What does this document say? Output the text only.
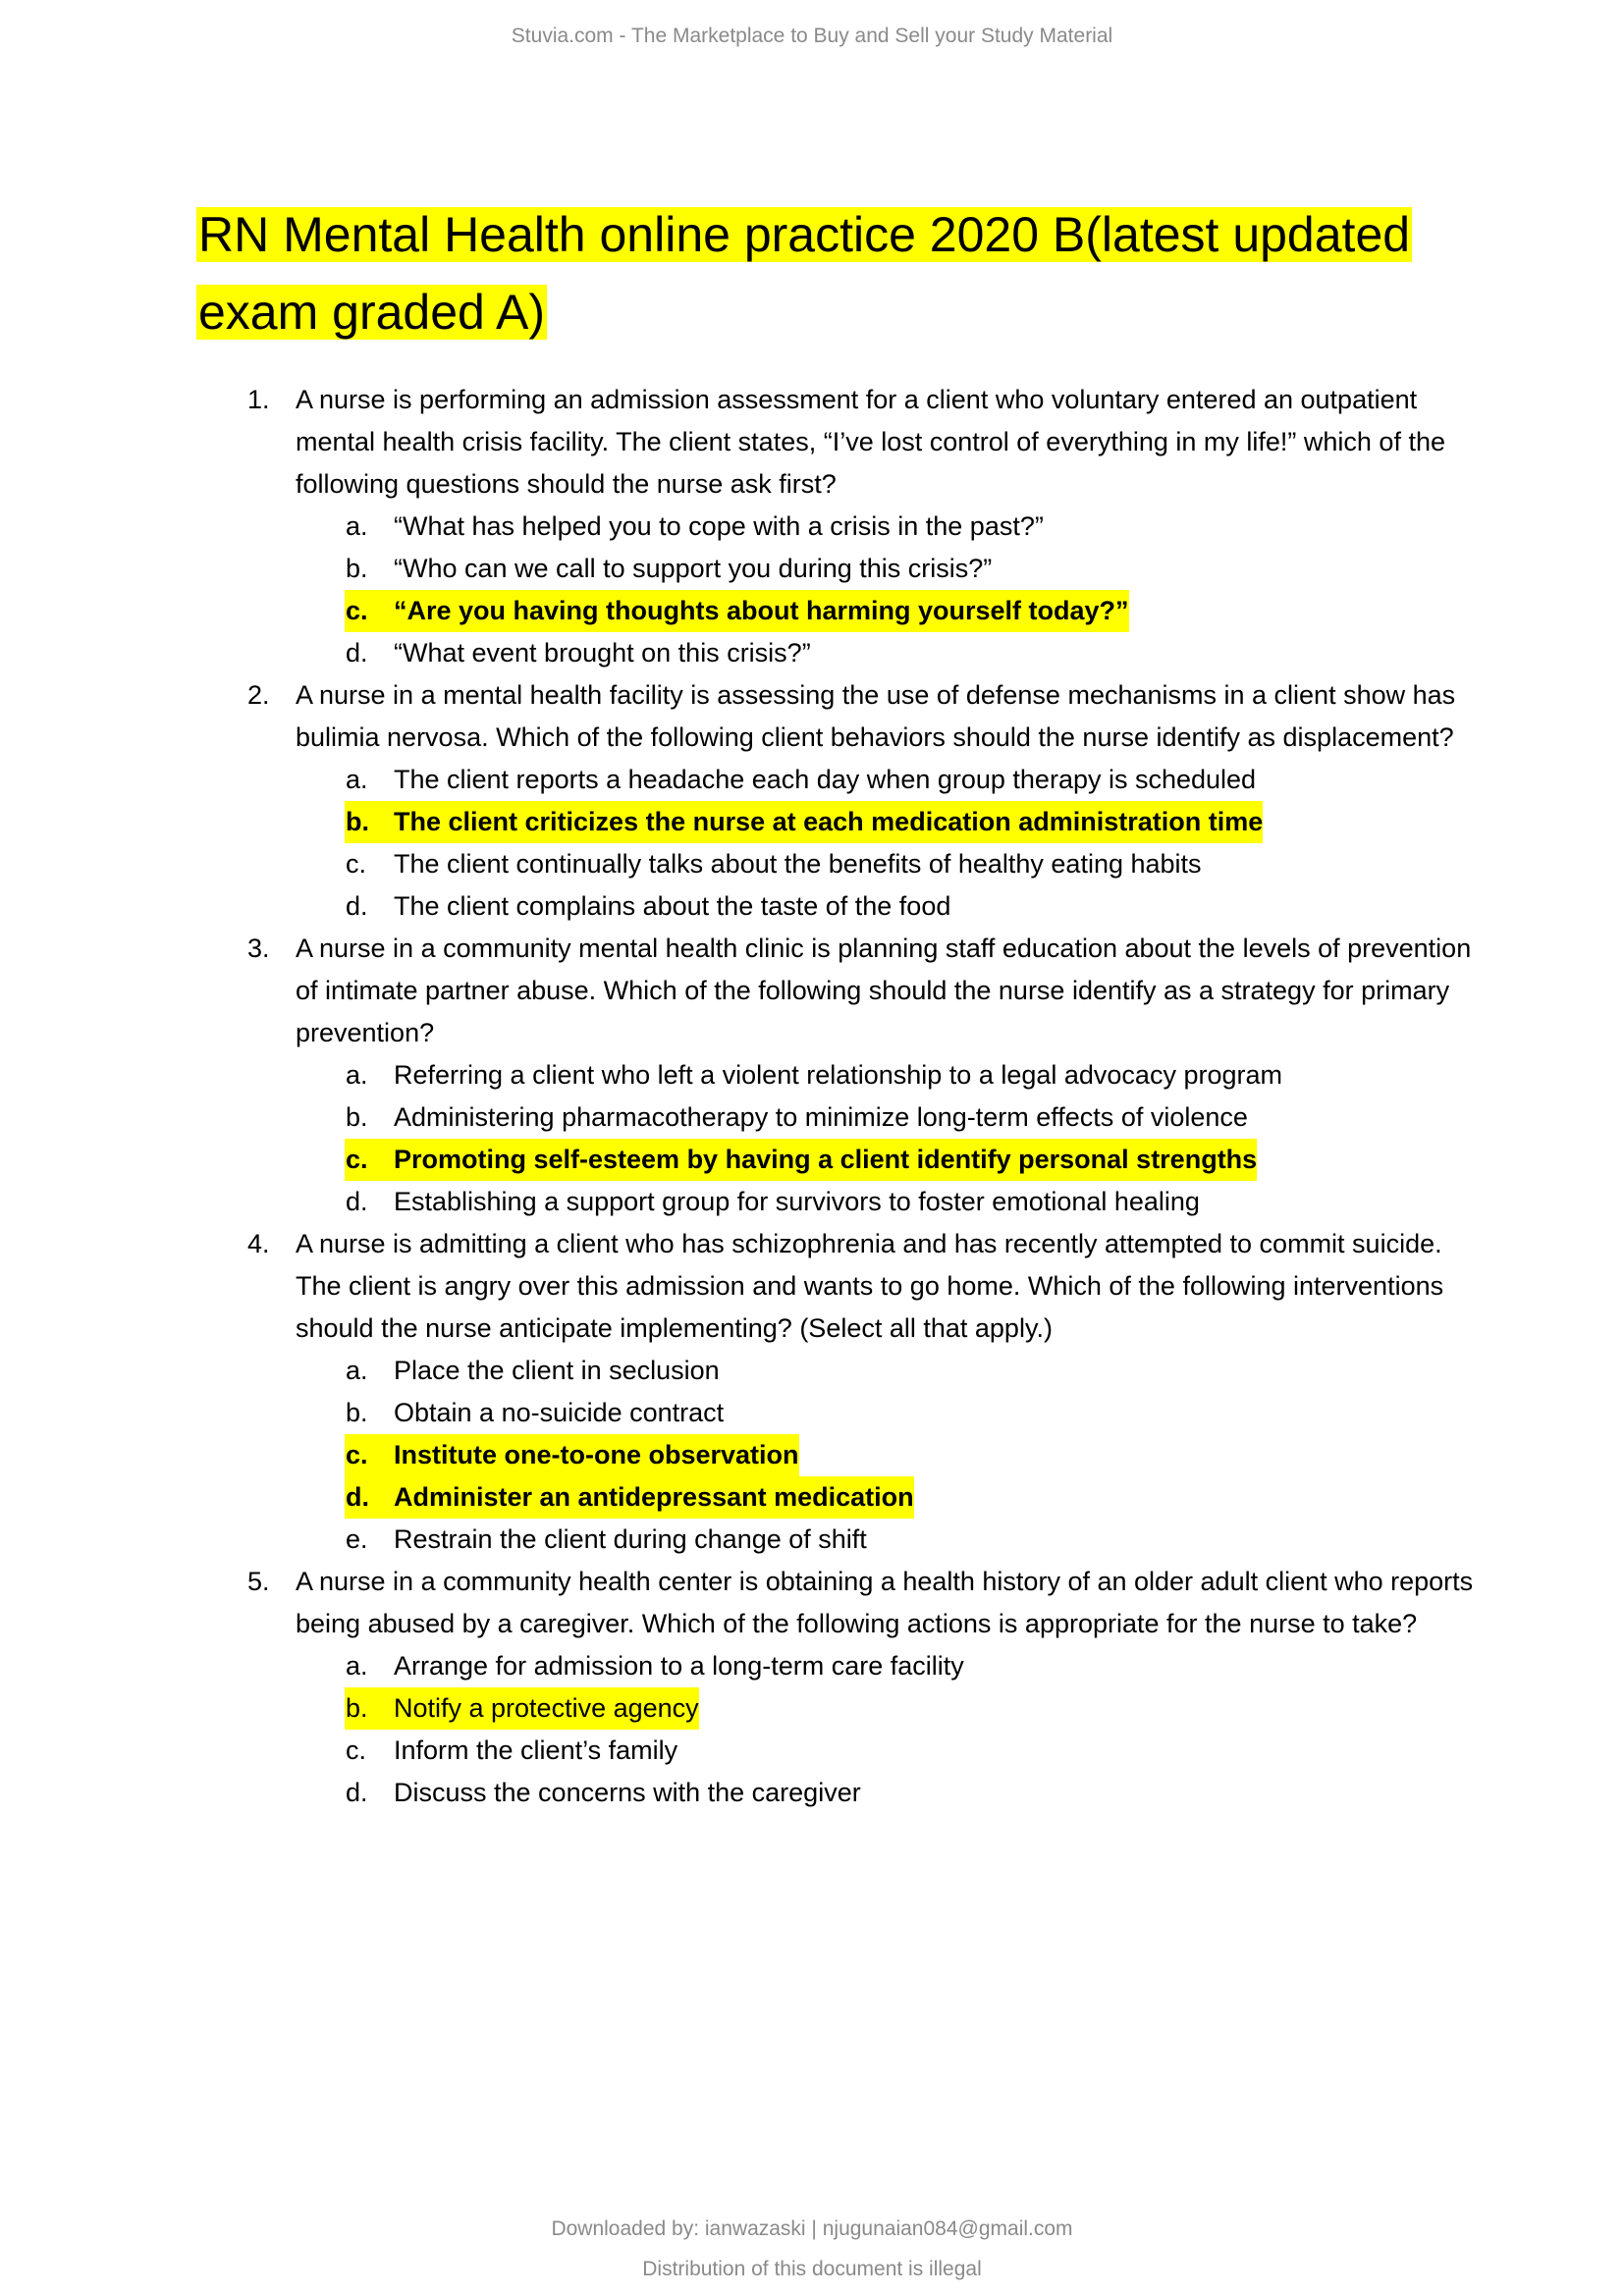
Stuvia.com - The Marketplace to Buy and Sell your Study Material
RN Mental Health online practice 2020 B(latest updated
exam graded A)
1. A nurse is performing an admission assessment for a client who voluntary entered an outpatient mental health crisis facility. The client states, “I’ve lost control of everything in my life!” which of the following questions should the nurse ask first?
a. “What has helped you to cope with a crisis in the past?”
b. “Who can we call to support you during this crisis?”
c. “Are you having thoughts about harming yourself today?”
d. “What event brought on this crisis?”
2. A nurse in a mental health facility is assessing the use of defense mechanisms in a client show has bulimia nervosa. Which of the following client behaviors should the nurse identify as displacement?
a. The client reports a headache each day when group therapy is scheduled
b. The client criticizes the nurse at each medication administration time
c. The client continually talks about the benefits of healthy eating habits
d. The client complains about the taste of the food
3. A nurse in a community mental health clinic is planning staff education about the levels of prevention of intimate partner abuse. Which of the following should the nurse identify as a strategy for primary prevention?
a. Referring a client who left a violent relationship to a legal advocacy program
b. Administering pharmacotherapy to minimize long-term effects of violence
c. Promoting self-esteem by having a client identify personal strengths
d. Establishing a support group for survivors to foster emotional healing
4. A nurse is admitting a client who has schizophrenia and has recently attempted to commit suicide. The client is angry over this admission and wants to go home. Which of the following interventions should the nurse anticipate implementing? (Select all that apply.)
a. Place the client in seclusion
b. Obtain a no-suicide contract
c. Institute one-to-one observation
d. Administer an antidepressant medication
e. Restrain the client during change of shift
5. A nurse in a community health center is obtaining a health history of an older adult client who reports being abused by a caregiver. Which of the following actions is appropriate for the nurse to take?
a. Arrange for admission to a long-term care facility
b. Notify a protective agency
c. Inform the client’s family
d. Discuss the concerns with the caregiver
Downloaded by: ianwazaski | njugunaian084@gmail.com
Distribution of this document is illegal
